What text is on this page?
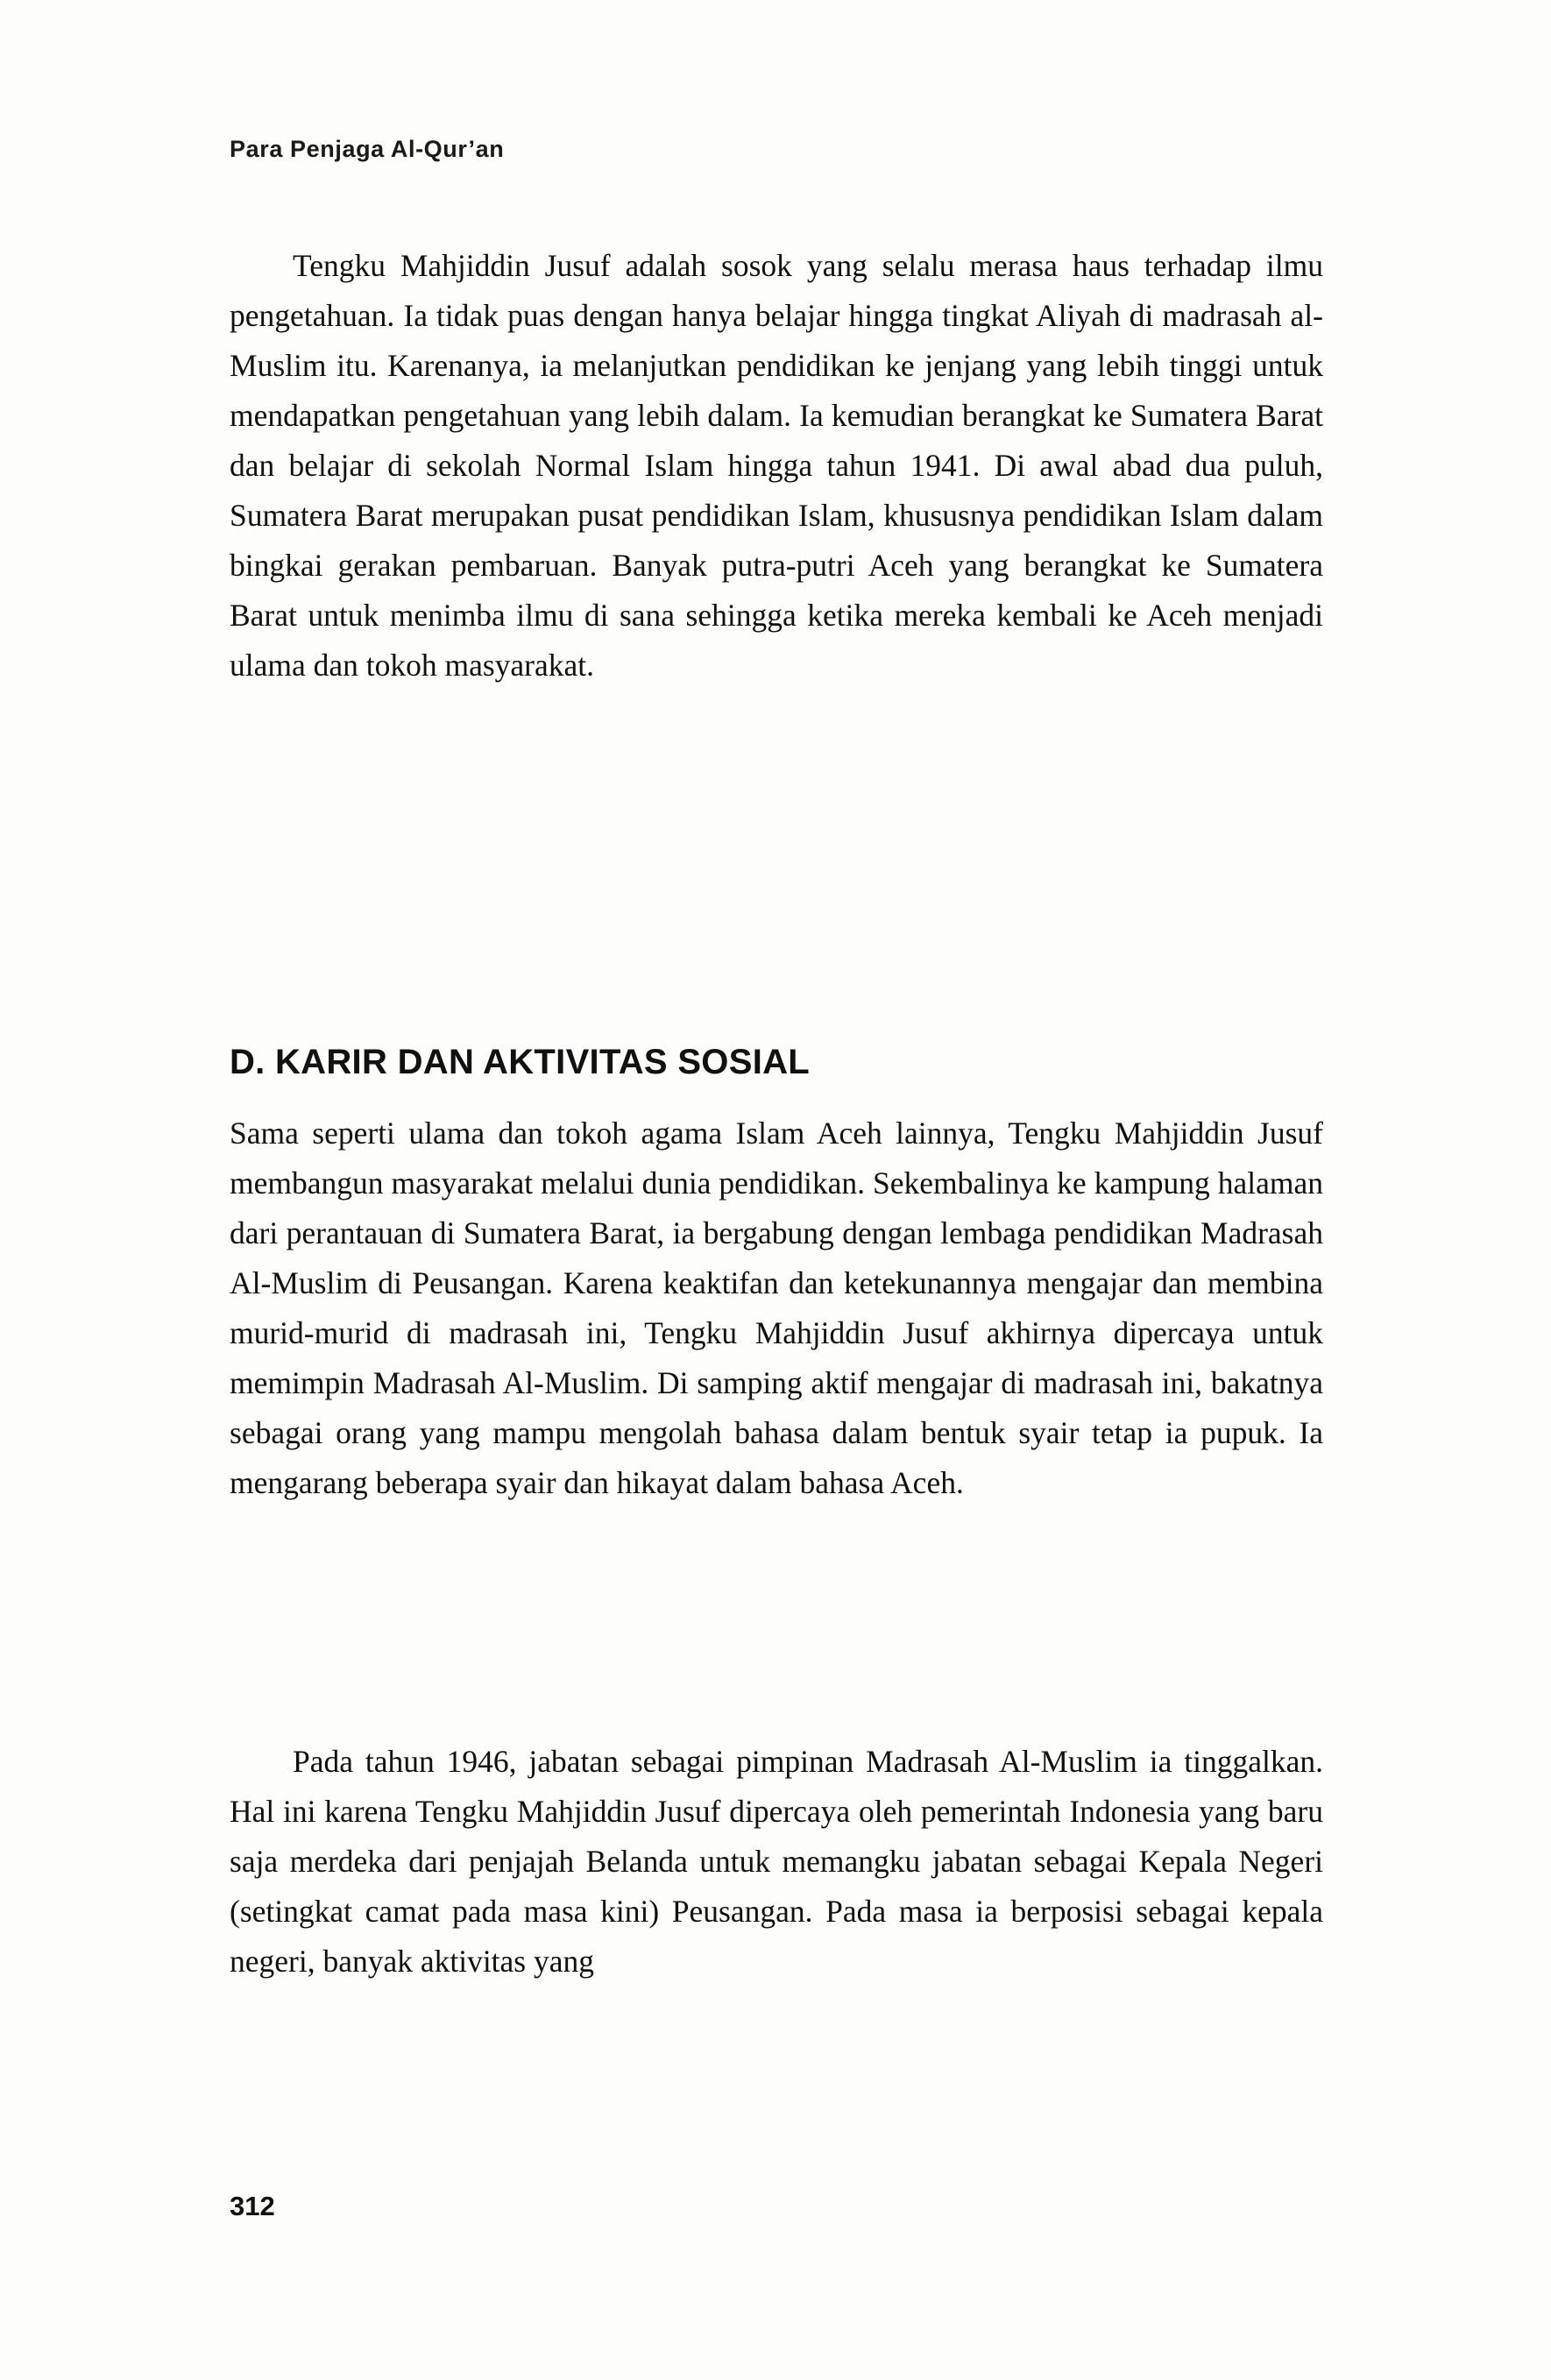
Para Penjaga Al-Qur’an
Tengku Mahjiddin Jusuf adalah sosok yang selalu merasa haus terhadap ilmu pengetahuan. Ia tidak puas dengan hanya belajar hingga tingkat Aliyah di madrasah al-Muslim itu. Karenanya, ia melanjutkan pendidikan ke jenjang yang lebih tinggi untuk mendapatkan pengetahuan yang lebih dalam. Ia kemudian berangkat ke Sumatera Barat dan belajar di sekolah Normal Islam hingga tahun 1941. Di awal abad dua puluh, Sumatera Barat merupakan pusat pendidikan Islam, khususnya pendidikan Islam dalam bingkai gerakan pembaruan. Banyak putra-putri Aceh yang berangkat ke Sumatera Barat untuk menimba ilmu di sana sehingga ketika mereka kembali ke Aceh menjadi ulama dan tokoh masyarakat.
D. KARIR DAN AKTIVITAS SOSIAL
Sama seperti ulama dan tokoh agama Islam Aceh lainnya, Tengku Mahjiddin Jusuf membangun masyarakat melalui dunia pendidikan. Sekembalinya ke kampung halaman dari perantauan di Sumatera Barat, ia bergabung dengan lembaga pendidikan Madrasah Al-Muslim di Peusangan. Karena keaktifan dan ketekunannya mengajar dan membina murid-murid di madrasah ini, Tengku Mahjiddin Jusuf akhirnya dipercaya untuk memimpin Madrasah Al-Muslim. Di samping aktif mengajar di madrasah ini, bakatnya sebagai orang yang mampu mengolah bahasa dalam bentuk syair tetap ia pupuk. Ia mengarang beberapa syair dan hikayat dalam bahasa Aceh.
Pada tahun 1946, jabatan sebagai pimpinan Madrasah Al-Muslim ia tinggalkan. Hal ini karena Tengku Mahjiddin Jusuf dipercaya oleh pemerintah Indonesia yang baru saja merdeka dari penjajah Belanda untuk memangku jabatan sebagai Kepala Negeri (setingkat camat pada masa kini) Peusangan. Pada masa ia berposisi sebagai kepala negeri, banyak aktivitas yang
312
